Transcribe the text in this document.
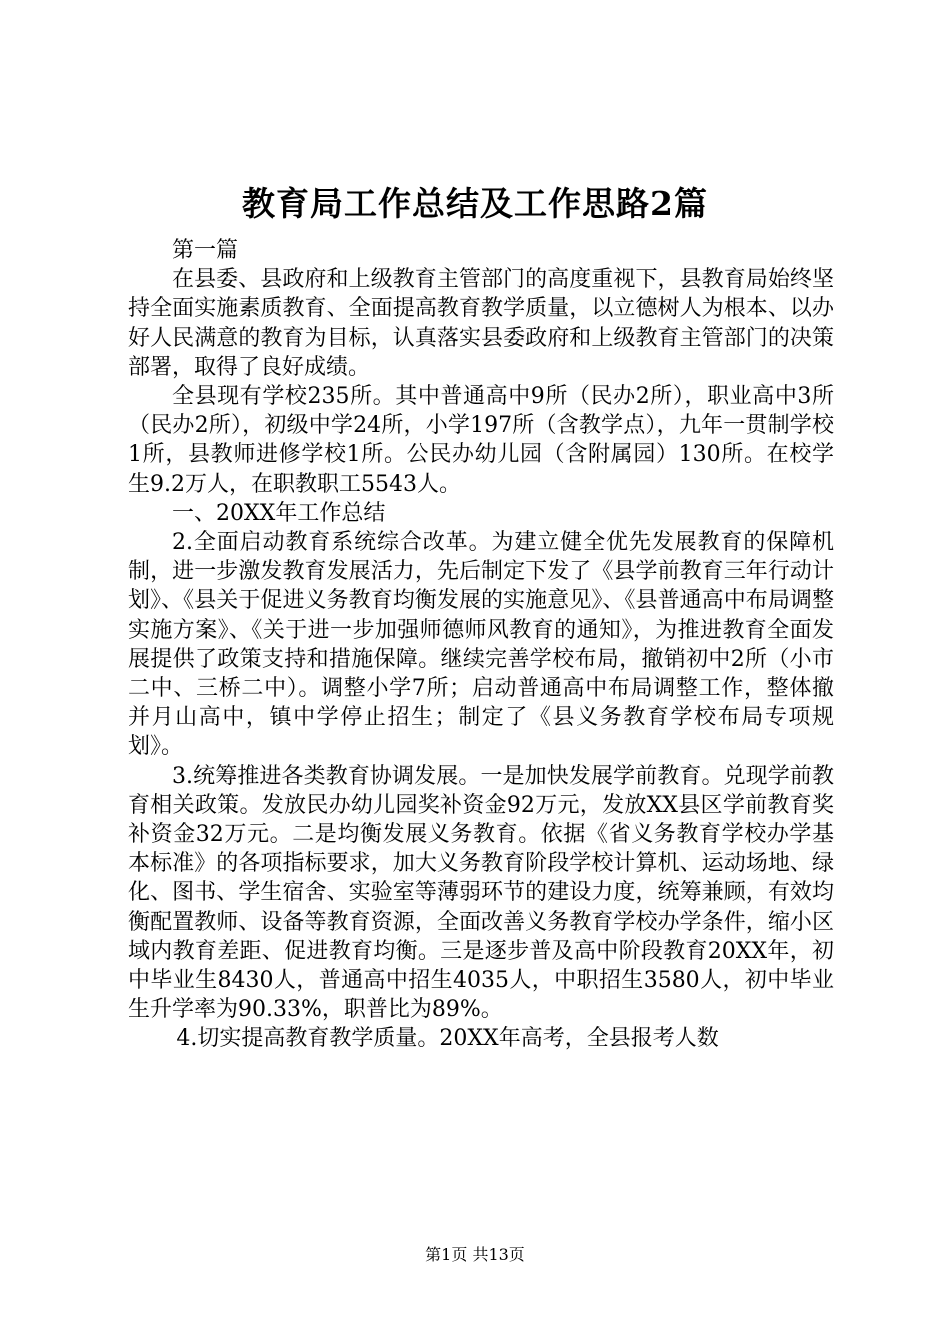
教育局工作总结及工作思路2篇

第一篇

在县委、县政府和上级教育主管部门的高度重视下，县教育局始终坚持全面实施素质教育、全面提高教育教学质量，以立德树人为根本、以办好人民满意的教育为目标，认真落实县委政府和上级教育主管部门的决策部署，取得了良好成绩。

全县现有学校235所。其中普通高中9所（民办2所），职业高中3所（民办2所），初级中学24所，小学197所（含教学点），九年一贯制学校1所，县教师进修学校1所。公民办幼儿园（含附属园）130所。在校学生9.2万人，在职教职工5543人。

一、20XX年工作总结

2.全面启动教育系统综合改革。为建立健全优先发展教育的保障机制，进一步激发教育发展活力，先后制定下发了《县学前教育三年行动计划》、《县关于促进义务教育均衡发展的实施意见》、《县普通高中布局调整实施方案》、《关于进一步加强师德师风教育的通知》，为推进教育全面发展提供了政策支持和措施保障。继续完善学校布局，撤销初中2所（小市二中、三桥二中）。调整小学7所；启动普通高中布局调整工作，整体撤并月山高中，镇中学停止招生；制定了《县义务教育学校布局专项规划》。

3.统筹推进各类教育协调发展。一是加快发展学前教育。兑现学前教育相关政策。发放民办幼儿园奖补资金92万元，发放XX县区学前教育奖补资金32万元。二是均衡发展义务教育。依据《省义务教育学校办学基本标准》的各项指标要求，加大义务教育阶段学校计算机、运动场地、绿化、图书、学生宿舍、实验室等薄弱环节的建设力度，统筹兼顾，有效均衡配置教师、设备等教育资源，全面改善义务教育学校办学条件，缩小区域内教育差距、促进教育均衡。三是逐步普及高中阶段教育20XX年，初中毕业生8430人，普通高中招生4035人，中职招生3580人，初中毕业生升学率为90.33%，职普比为89%。

4.切实提高教育教学质量。20XX年高考，全县报考人数

第1页 共13页
